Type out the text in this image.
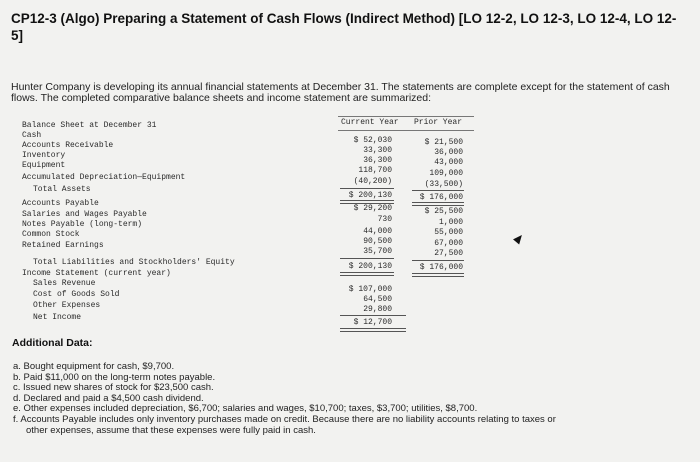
CP12-3 (Algo) Preparing a Statement of Cash Flows (Indirect Method) [LO 12-2, LO 12-3, LO 12-4, LO 12-5]
Hunter Company is developing its annual financial statements at December 31. The statements are complete except for the statement of cash flows. The completed comparative balance sheets and income statement are summarized:
Current Year Prior Year
Balance Sheet at December 31
Cash
Accounts Receivable
Inventory
Equipment
Accumulated Depreciation—Equipment
Total Assets
Accounts Payable
Salaries and Wages Payable
Notes Payable (long-term)
Common Stock
Retained Earnings
Total Liabilities and Stockholders' Equity
Income Statement (current year)
Sales Revenue
Cost of Goods Sold
Other Expenses
Net Income
$ 52,030
33,300
36,300
118,700
(40,200)
$ 200,130
$ 29,200
730
44,000
90,500
35,700
$ 200,130
$ 107,000
64,500
29,800
$ 12,700
$ 21,500
36,000
43,000
109,000
(33,500)
$ 176,000
$ 25,500
1,000
55,000
67,000
27,500
$ 176,000
Additional Data:
a. Bought equipment for cash, $9,700.
b. Paid $11,000 on the long-term notes payable.
c. Issued new shares of stock for $23,500 cash.
d. Declared and paid a $4,500 cash dividend.
e. Other expenses included depreciation, $6,700; salaries and wages, $10,700; taxes, $3,700; utilities, $8,700.
f. Accounts Payable includes only inventory purchases made on credit. Because there are no liability accounts relating to taxes or
other expenses, assume that these expenses were fully paid in cash.
